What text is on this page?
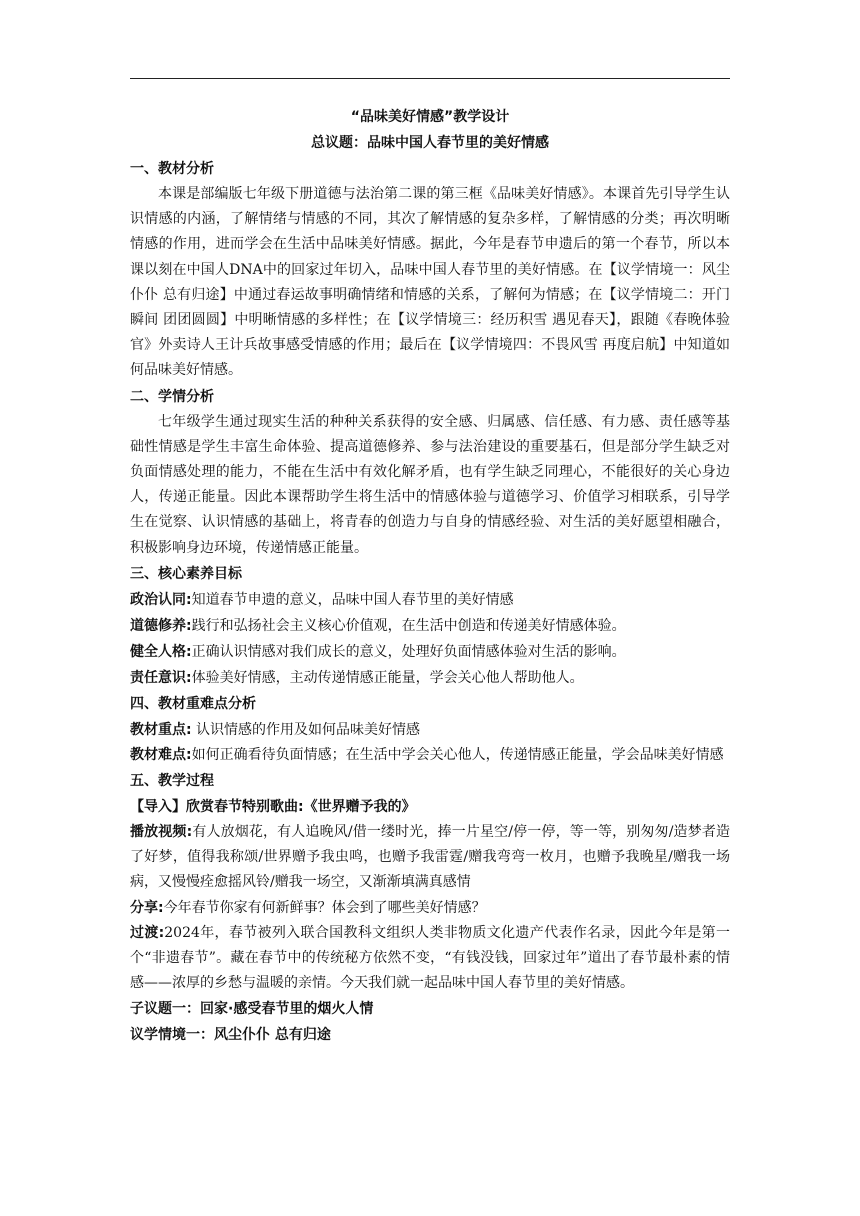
“品味美好情感”教学设计

总议题：品味中国人春节里的美好情感

一、教材分析

本课是部编版七年级下册道德与法治第二课的第三框《品味美好情感》。本课首先引导学生认识情感的内涵，了解情绪与情感的不同，其次了解情感的复杂多样，了解情感的分类；再次明晰情感的作用，进而学会在生活中品味美好情感。据此，今年是春节申遗后的第一个春节，所以本课以刻在中国人DNA中的回家过年切入，品味中国人春节里的美好情感。在【议学情境一：风尘仆仆 总有归途】中通过春运故事明确情绪和情感的关系，了解何为情感；在【议学情境二：开门瞬间 团团圆圆】中明晰情感的多样性；在【议学情境三：经历积雪 遇见春天】，跟随《春晚体验官》外卖诗人王计兵故事感受情感的作用；最后在【议学情境四：不畏风雪 再度启航】中知道如何品味美好情感。

二、学情分析

七年级学生通过现实生活的种种关系获得的安全感、归属感、信任感、有力感、责任感等基础性情感是学生丰富生命体验、提高道德修养、参与法治建设的重要基石，但是部分学生缺乏对负面情感处理的能力，不能在生活中有效化解矛盾，也有学生缺乏同理心，不能很好的关心身边人，传递正能量。因此本课帮助学生将生活中的情感体验与道德学习、价值学习相联系，引导学生在觉察、认识情感的基础上，将青春的创造力与自身的情感经验、对生活的美好愿望相融合，积极影响身边环境，传递情感正能量。

三、核心素养目标

政治认同:知道春节申遗的意义，品味中国人春节里的美好情感

道德修养:践行和弘扬社会主义核心价值观，在生活中创造和传递美好情感体验。

健全人格:正确认识情感对我们成长的意义，处理好负面情感体验对生活的影响。

责任意识:体验美好情感，主动传递情感正能量，学会关心他人帮助他人。

四、教材重难点分析

教材重点: 认识情感的作用及如何品味美好情感

教材难点:如何正确看待负面情感；在生活中学会关心他人，传递情感正能量，学会品味美好情感

五、教学过程

【导入】欣赏春节特别歌曲:《世界赠予我的》

播放视频:有人放烟花，有人追晚风/借一缕时光，捧一片星空/停一停，等一等，别匆匆/造梦者造了好梦，值得我称颂/世界赠予我虫鸣，也赠予我雷霆/赠我弯弯一枚月，也赠予我晚星/赠我一场病，又慢慢痊愈摇风铃/赠我一场空，又渐渐填满真感情

分享:今年春节你家有何新鲜事？体会到了哪些美好情感？

过渡:2024年，春节被列入联合国教科文组织人类非物质文化遗产代表作名录，因此今年是第一个“非遗春节”。藏在春节中的传统秘方依然不变，“有钱没钱，回家过年”道出了春节最朴素的情感——浓厚的乡愁与温暖的亲情。今天我们就一起品味中国人春节里的美好情感。

子议题一：回家·感受春节里的烟火人情

议学情境一：风尘仆仆 总有归途
